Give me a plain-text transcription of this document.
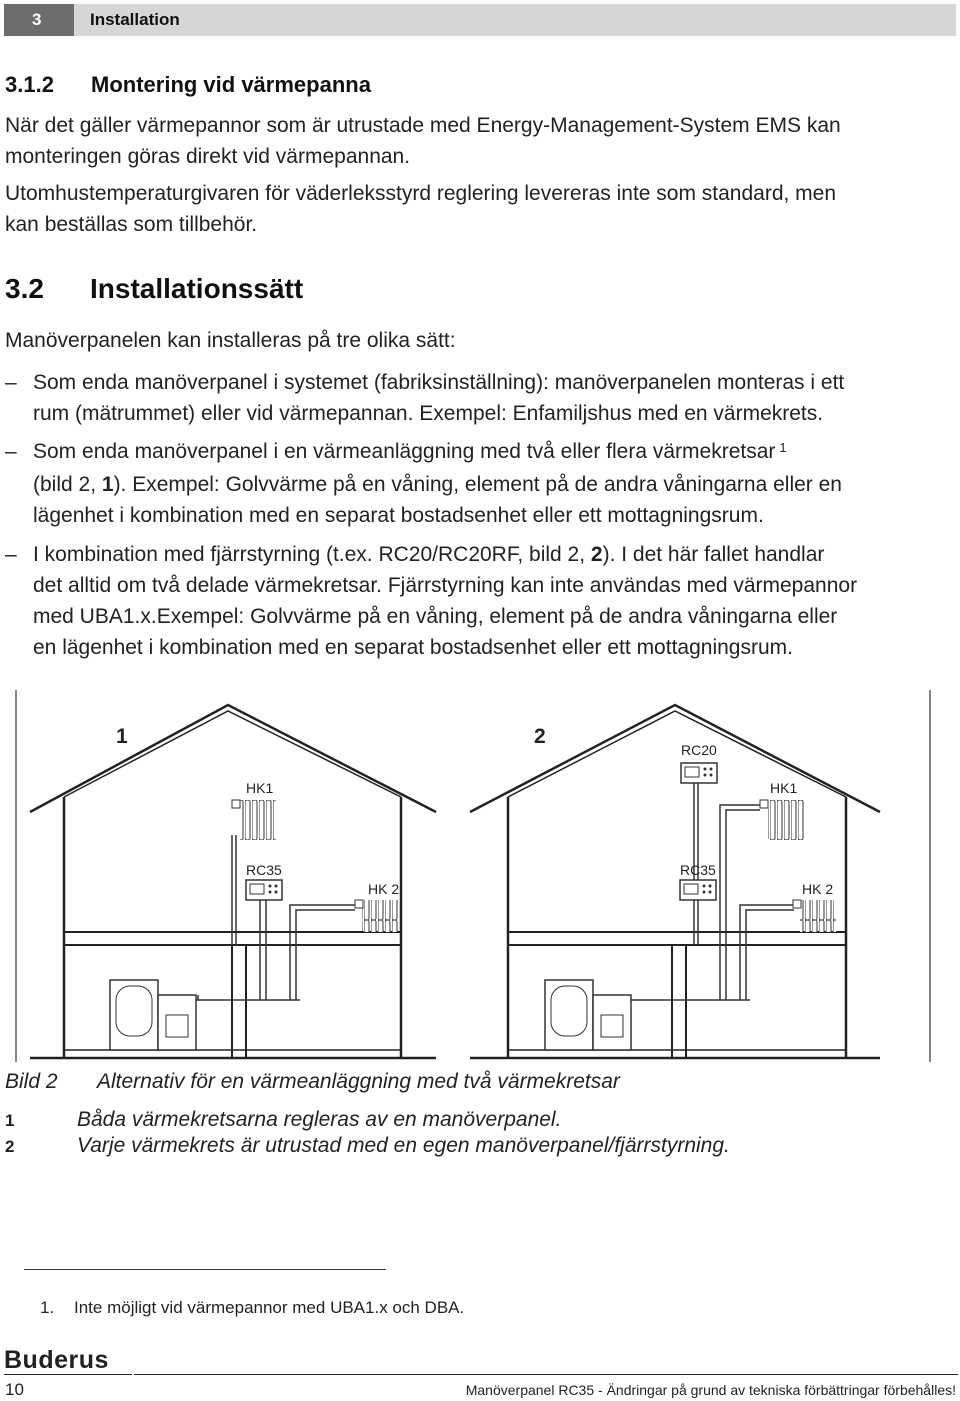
3	Installation
3.1.2 Montering vid värmepanna
När det gäller värmepannor som är utrustade med Energy-Management-System EMS kan
monteringen göras direkt vid värmepannan.
Utomhustemperaturgivaren för väderleksstyrd reglering levereras inte som standard, men
kan beställas som tillbehör.
3.2 Installationssätt
Manöverpanelen kan installeras på tre olika sätt:
– Som enda manöverpanel i systemet (fabriksinställning): manöverpanelen monteras i ett
rum (mätrummet) eller vid värmepannan. Exempel: Enfamiljshus med en värmekrets.
– Som enda manöverpanel i en värmeanläggning med två eller flera värmekretsar $^1$
(bild 2, 1). Exempel: Golvvärme på en våning, element på de andra våningarna eller en
lägenhet i kombination med en separat bostadsenhet eller ett mottagningsrum.
– I kombination med fjärrstyrning (t.ex. RC20/RC20RF, bild 2, 2). I det här fallet handlar
det alltid om två delade värmekretsar. Fjärrstyrning kan inte användas med värmepannor
med UBA1.x.Exempel: Golvvärme på en våning, element på de andra våningarna eller
en lägenhet i kombination med en separat bostadsenhet eller ett mottagningsrum.
1
HK1
RC35
HK 2
2
RC20
HK1
RC35
HK 2
Bild 2 Alternativ för en värmeanläggning med två värmekretsar
1	Båda värmekretsarna regleras av en manöverpanel.
2	Varje värmekrets är utrustad med en egen manöverpanel/fjärrstyrning.
1. Inte möjligt vid värmepannor med UBA1.x och DBA.
Buderus
10	Manöverpanel RC35 - Ändringar på grund av tekniska förbättringar förbehålles!
